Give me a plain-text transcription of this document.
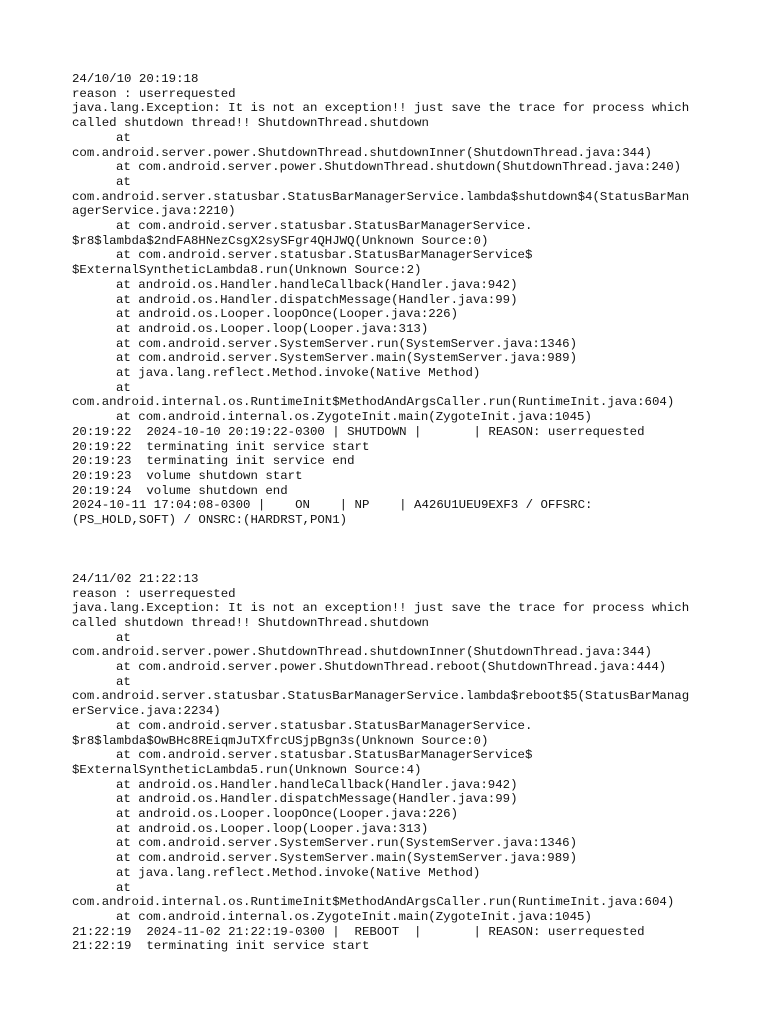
24/10/10 20:19:18
reason : userrequested
java.lang.Exception: It is not an exception!! just save the trace for process which
called shutdown thread!! ShutdownThread.shutdown
at
com.android.server.power.ShutdownThread.shutdownInner(ShutdownThread.java:344)
at com.android.server.power.ShutdownThread.shutdown(ShutdownThread.java:240)
at
com.android.server.statusbar.StatusBarManagerService.lambda$shutdown$4(StatusBarMan
agerService.java:2210)
at com.android.server.statusbar.StatusBarManagerService.
$r8$lambda$2ndFA8HNezCsgX2sySFgr4QHJWQ(Unknown Source:0)
at com.android.server.statusbar.StatusBarManagerService$
$ExternalSyntheticLambda8.run(Unknown Source:2)
at android.os.Handler.handleCallback(Handler.java:942)
at android.os.Handler.dispatchMessage(Handler.java:99)
at android.os.Looper.loopOnce(Looper.java:226)
at android.os.Looper.loop(Looper.java:313)
at com.android.server.SystemServer.run(SystemServer.java:1346)
at com.android.server.SystemServer.main(SystemServer.java:989)
at java.lang.reflect.Method.invoke(Native Method)
at
com.android.internal.os.RuntimeInit$MethodAndArgsCaller.run(RuntimeInit.java:604)
at com.android.internal.os.ZygoteInit.main(ZygoteInit.java:1045)
20:19:22  2024-10-10 20:19:22-0300 | SHUTDOWN |       | REASON: userrequested
20:19:22  terminating init service start
20:19:23  terminating init service end
20:19:23  volume shutdown start
20:19:24  volume shutdown end
2024-10-11 17:04:08-0300 |    ON    | NP    | A426U1UEU9EXF3 / OFFSRC:
(PS_HOLD,SOFT) / ONSRC:(HARDRST,PON1)
24/11/02 21:22:13
reason : userrequested
java.lang.Exception: It is not an exception!! just save the trace for process which
called shutdown thread!! ShutdownThread.shutdown
at
com.android.server.power.ShutdownThread.shutdownInner(ShutdownThread.java:344)
at com.android.server.power.ShutdownThread.reboot(ShutdownThread.java:444)
at
com.android.server.statusbar.StatusBarManagerService.lambda$reboot$5(StatusBarManag
erService.java:2234)
at com.android.server.statusbar.StatusBarManagerService.
$r8$lambda$OwBHc8REiqmJuTXfrcUSjpBgn3s(Unknown Source:0)
at com.android.server.statusbar.StatusBarManagerService$
$ExternalSyntheticLambda5.run(Unknown Source:4)
at android.os.Handler.handleCallback(Handler.java:942)
at android.os.Handler.dispatchMessage(Handler.java:99)
at android.os.Looper.loopOnce(Looper.java:226)
at android.os.Looper.loop(Looper.java:313)
at com.android.server.SystemServer.run(SystemServer.java:1346)
at com.android.server.SystemServer.main(SystemServer.java:989)
at java.lang.reflect.Method.invoke(Native Method)
at
com.android.internal.os.RuntimeInit$MethodAndArgsCaller.run(RuntimeInit.java:604)
at com.android.internal.os.ZygoteInit.main(ZygoteInit.java:1045)
21:22:19  2024-11-02 21:22:19-0300 |  REBOOT  |       | REASON: userrequested
21:22:19  terminating init service start
